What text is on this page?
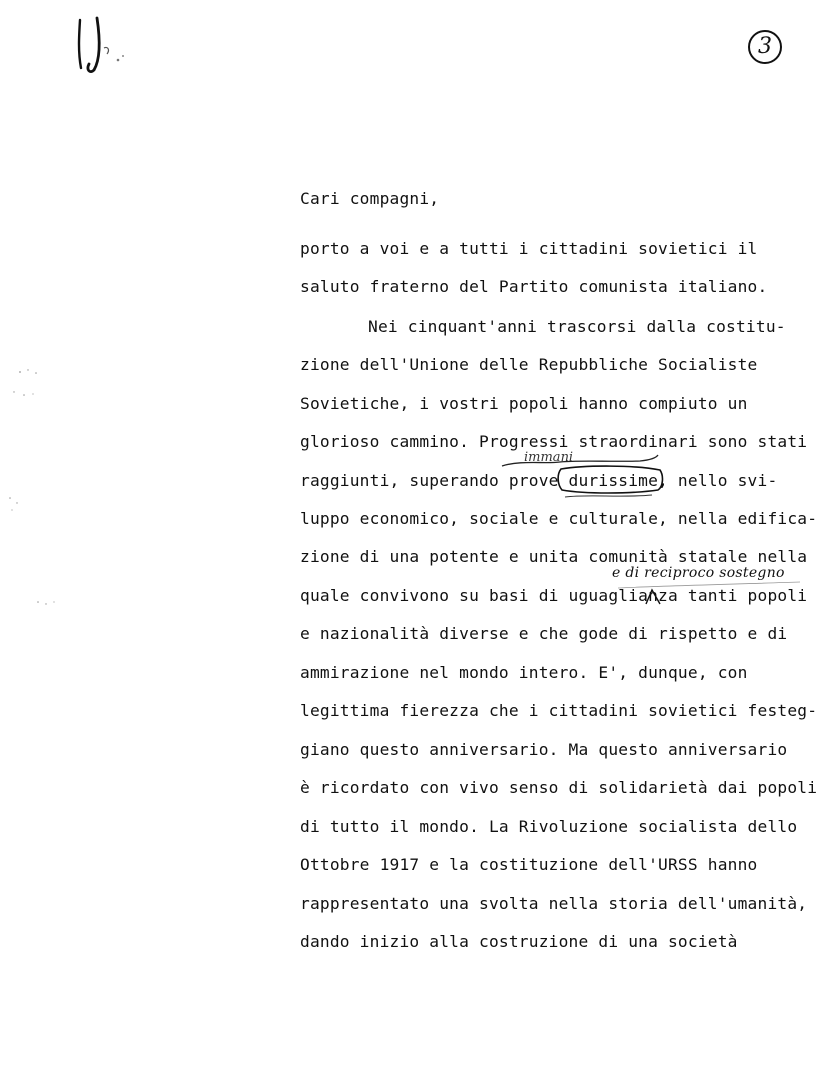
3
Cari compagni,
porto a voi e a tutti i cittadini sovietici il
saluto fraterno del Partito comunista italiano.
Nei cinquant'anni trascorsi dalla costitu-
zione dell'Unione delle Repubbliche Socialiste
Sovietiche, i vostri popoli hanno compiuto un
glorioso cammino. Progressi straordinari sono stati
raggiunti, superando prove durissime, nello svi-
luppo economico, sociale e culturale, nella edifica-
zione di una potente e unita comunità statale nella
quale convivono su basi di uguaglianza tanti popoli
e nazionalità diverse e che gode di rispetto e di
ammirazione nel mondo intero. E', dunque, con
legittima fierezza che i cittadini sovietici festeg-
giano questo anniversario. Ma questo anniversario
è ricordato con vivo senso di solidarietà dai popoli
di tutto il mondo. La Rivoluzione socialista dello
Ottobre 1917 e la costituzione dell'URSS hanno
rappresentato una svolta nella storia dell'umanità,
dando inizio alla costruzione di una società
immani
e di reciproco sostegno
